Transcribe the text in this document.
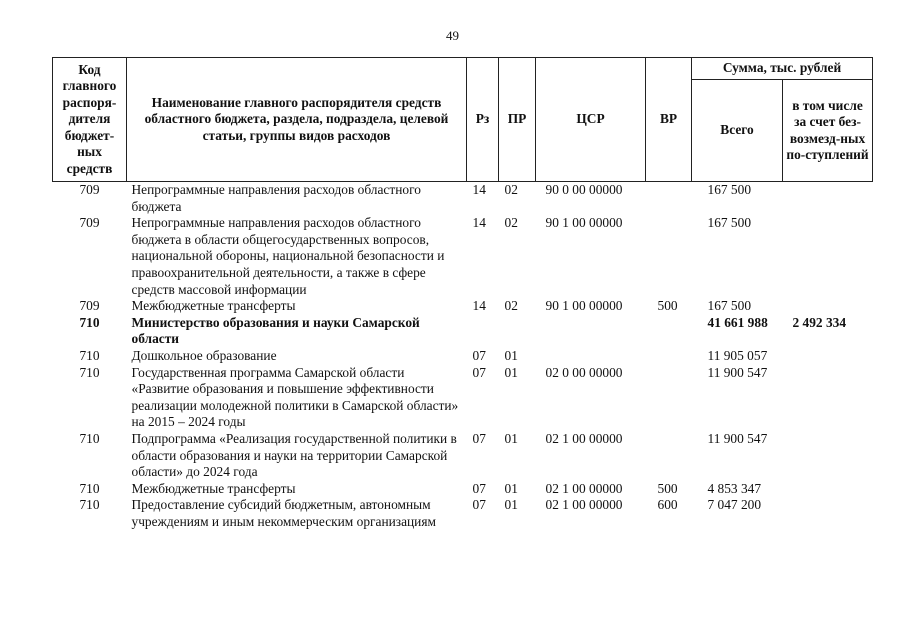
49
Код главного распоря-дителя бюджет-ных средств	Наименование главного распорядителя средств областного бюджета, раздела, подраздела, целевой статьи, группы видов расходов	Рз	ПР	ЦСР	ВР	Сумма, тыс. рублей	
						Всего	в том числе за счет без-возмезд-ных по-ступлений
709	Непрограммные направления расходов областного бюджета	14	02	90 0 00 00000		167 500	
709	Непрограммные направления расходов областного бюджета в области общегосударственных вопросов, национальной обороны, национальной безопасности и правоохранительной деятельности, а также в сфере средств массовой информации	14	02	90 1 00 00000		167 500	
709	Межбюджетные трансферты	14	02	90 1 00 00000	500	167 500	
710	Министерство образования и науки Самарской области					41 661 988	2 492 334
710	Дошкольное образование	07	01			11 905 057	
710	Государственная программа Самарской области «Развитие образования и повышение эффективности реализации молодежной политики в Самарской области» на 2015 – 2024 годы	07	01	02 0 00 00000		11 900 547	
710	Подпрограмма «Реализация государственной политики в области образования и науки на территории Самарской области» до 2024 года	07	01	02 1 00 00000		11 900 547	
710	Межбюджетные трансферты	07	01	02 1 00 00000	500	4 853 347	
710	Предоставление субсидий бюджетным, автономным учреждениям и иным некоммерческим организациям	07	01	02 1 00 00000	600	7 047 200	
